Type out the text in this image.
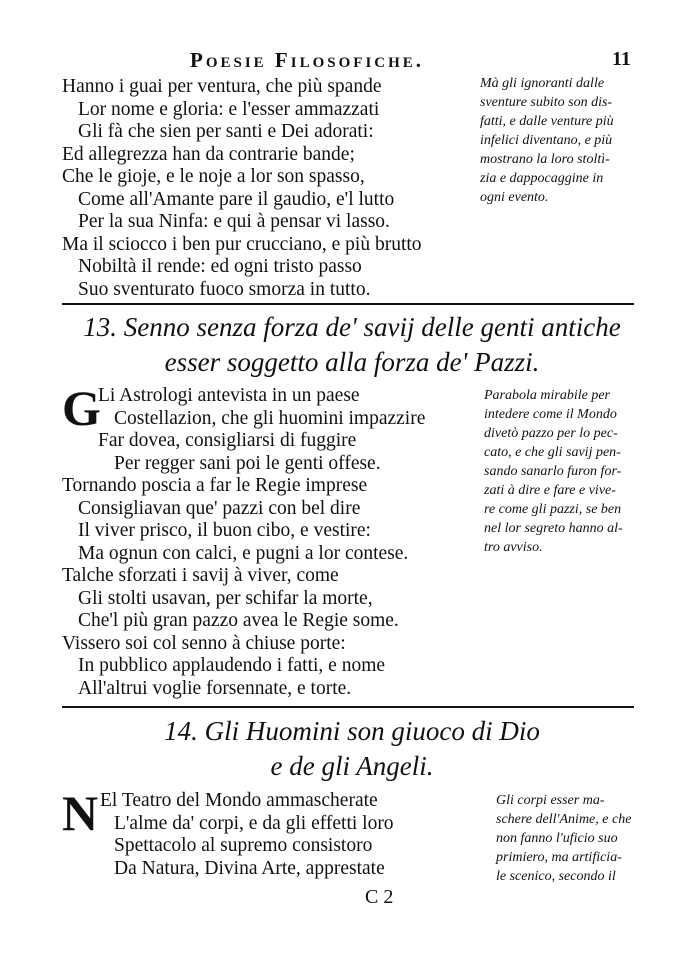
Poesie Filosofiche.	11
Hanno i guai per ventura, che più spande
Lor nome e gloria: e l'esser ammazzati
Gli fà che sien per santi e Dei adorati:
Ed allegrezza han da contrarie bande;
Che le gioje, e le noje a lor son spasso,
Come all'Amante pare il gaudio, e'l lutto
Per la sua Ninfa: e qui à pensar vi lasso.
Ma il sciocco i ben pur crucciano, e più brutto
Nobiltà il rende: ed ogni tristo passo
Suo sventurato fuoco smorza in tutto.
Mà gli ignoranti dalle
sventure subito son dis-
fatti, e dalle venture più
infelici diventano, e più
mostrano la loro stoltì-
zia e dappocaggine in
ogni evento.
13. Senno senza forza de' savij delle genti antiche
esser soggetto alla forza de' Pazzi.
G
Li Astrologi antevista in un paese
Costellazion, che gli huomini impazzire
Far dovea, consigliarsi di fuggire
Per regger sani poi le genti offese.
Tornando poscia a far le Regie imprese
Consigliavan que' pazzi con bel dire
Il viver prisco, il buon cibo, e vestire:
Ma ognun con calci, e pugni a lor contese.
Talche sforzati i savij à viver, come
Gli stolti usavan, per schifar la morte,
Che'l più gran pazzo avea le Regie some.
Vissero soi col senno à chiuse porte:
In pubblico applaudendo i fatti, e nome
All'altrui voglie forsennate, e torte.
Parabola mirabile per
intedere come il Mondo
divetò pazzo per lo pec-
cato, e che gli savij pen-
sando sanarlo furon for-
zati à dire e fare e vive-
re come gli pazzi, se ben
nel lor segreto hanno al-
tro avviso.
14. Gli Huomini son giuoco di Dio
e de gli Angeli.
N El Teatro del Mondo ammascherate
L'alme da' corpi, e da gli effetti loro
Spettacolo al supremo consistoro
Da Natura, Divina Arte, apprestate
Gli corpi esser ma-
schere dell'Anime, e che
non fanno l'uficio suo
primiero, ma artificia-
le scenico, secondo il
C 2
